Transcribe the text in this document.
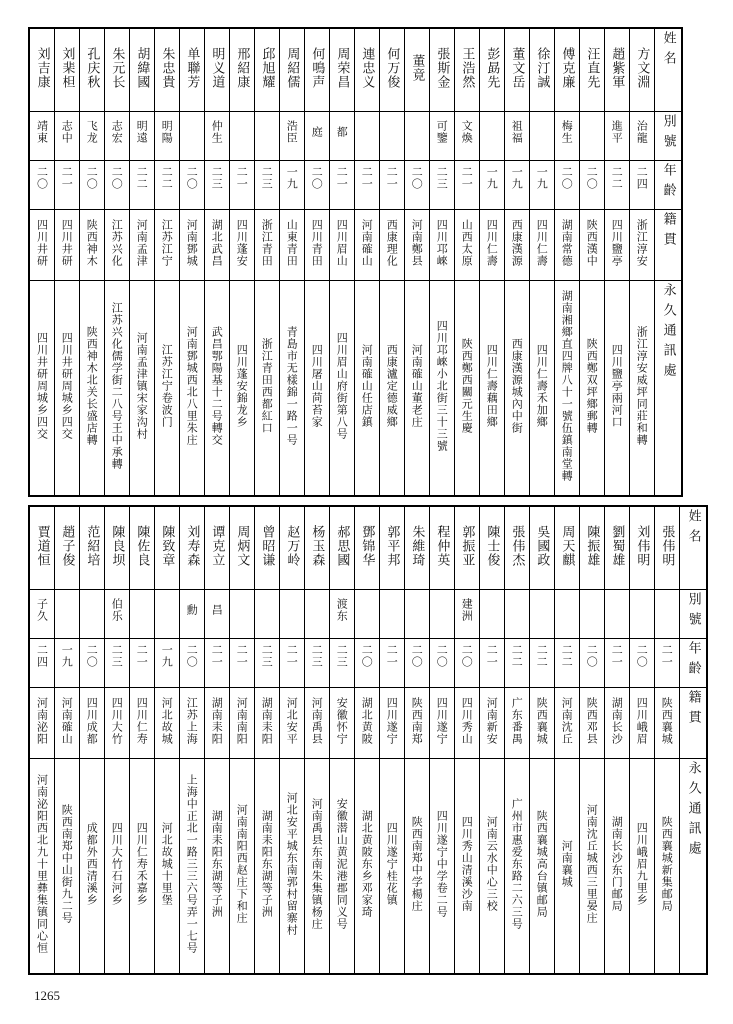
刘吉康	刘棐柦	孔庆秋	朱元长	胡緯國	朱忠貴	单聯芳	明义道	邢紹康	邱旭耀	周紹儒	何鳴声	周荣昌	連忠义	何万俊	董竟	張斯金	王浩然	彭勗先	董文岳	徐汀誠	傅克廉	汪直先	趙紫軍	方文淵	姓名
靖東	志中	飞龙	志宏	明遠	明陽		仲生			浩臣	庭	都				可鑒	文煥		祖福		梅生		進平	治龍	別號
二〇	二一	二〇	二〇	二二	二二	二〇	二三	二一	二三	一九	二〇	二一	二一	二一	二〇	二三	二一	一九	一九	一九	二〇	二〇	二二	二四	年齡
四川井研	四川井研	陕西神木	江苏兴化	河南孟津	江苏江宁	河南鄧城	湖北武昌	四川蓬安	浙江青田	山東青田	四川青田	四川眉山	河南確山	西康理化	河南鄭县	四川邛崍	山西太原	四川仁壽	西康漢源	四川仁壽	湖南常德	陝西漢中	四川鹽亭	浙江淳安	籍貫
四川井研周城乡四交	四川井研周城乡四交	陕西神木北关长盛店轉	江苏兴化儒学街二八号王中承轉	河南孟津镇宋家沟村	江苏江宁卷波门	河南鄧城西北八里朱庄	武昌鄂陽基十二号轉交	四川蓬安錦龙乡	浙江青田西都紅口	青島市无樣錦一路一号	四川屠山苘苔家	四川眉山府街第八号	河南確山任店鎮	西康瀘定德威鄉	河南確山董老庄	四川邛崍小北街三十三號	陝西鄭西關元生慶	四川仁壽藕田鄉	西康漢源城內中街	四川仁壽禾加鄉	湖南湘鄉直四牌八十一號伍鎮南堂轉	陝西鄭双坪鄉郵轉	四川鹽亭兩河口	浙江淳安威坪同莊和轉	永久通訊處
賈道恒	趙子俊	范紹培	陳良坝	陳佐良	陳致章	刘寿森	谭克立	周炳文	曾昭谦	赵万岭	杨玉森	郝思國	鄧锦华	郭平邦	朱維琦	程仲英	郭振亚	陳士俊	張伟杰	吳國政	周天麒	陳振雄	劉蜀雄	刘伟明	張伟明	姓名
子久			伯乐			勳	昌					渡东					建洲									別號
二四	一九	二〇	二三	二一	一九	二〇	二一	二一	二三	二一	二三	二三	二〇	二一	二〇	二〇	二〇	二一	二二	二二	二二	二〇	二一	二〇	二一	年齡
河南泌阳	河南確山	四川成都	四川大竹	四川仁寿	河北故城	江苏上海	湖南耒阳	河南南阳	湖南耒阳	河北安平	河南禹县	安徽怀宁	湖北黄陂	四川遂宁	陕西南郑	四川遂宁	四川秀山	河南新安	广东番禺	陕西襄城	河南沈丘	陕西邓县	湖南长沙	四川峨眉	陕西襄城	籍貫
河南泌阳西北九十里彝集镇同心恒	陕西南郑中山街九二号	成都外西清溪乡	四川大竹石河乡	四川仁寿禾嘉乡	河北故城十里堡	上海中正北一路三三六号弄一七号	湖南耒阳东湖等子洲	河南南阳西赵庄下和庄	湖南耒阳东湖等子洲	河北安平城东南郭村留寨村	河南禹县东南朱集镇杨庄	安徽潜山黄泥港郡同义号	湖北黄陂东乡邓家琦	四川遂宁桂花镇	陕西南郑中学楊庄	四川遂宁中学卷二号	四川秀山清溪沙南	河南云水中心三校	广州市惠爱东路二六三号	陕西襄城高台镇邮局	河南襄城	河南沈丘城西三里晏庄	湖南长沙东门邮局	四川峨眉九里乡	陕西襄城新集邮局	永久通訊處
1265
